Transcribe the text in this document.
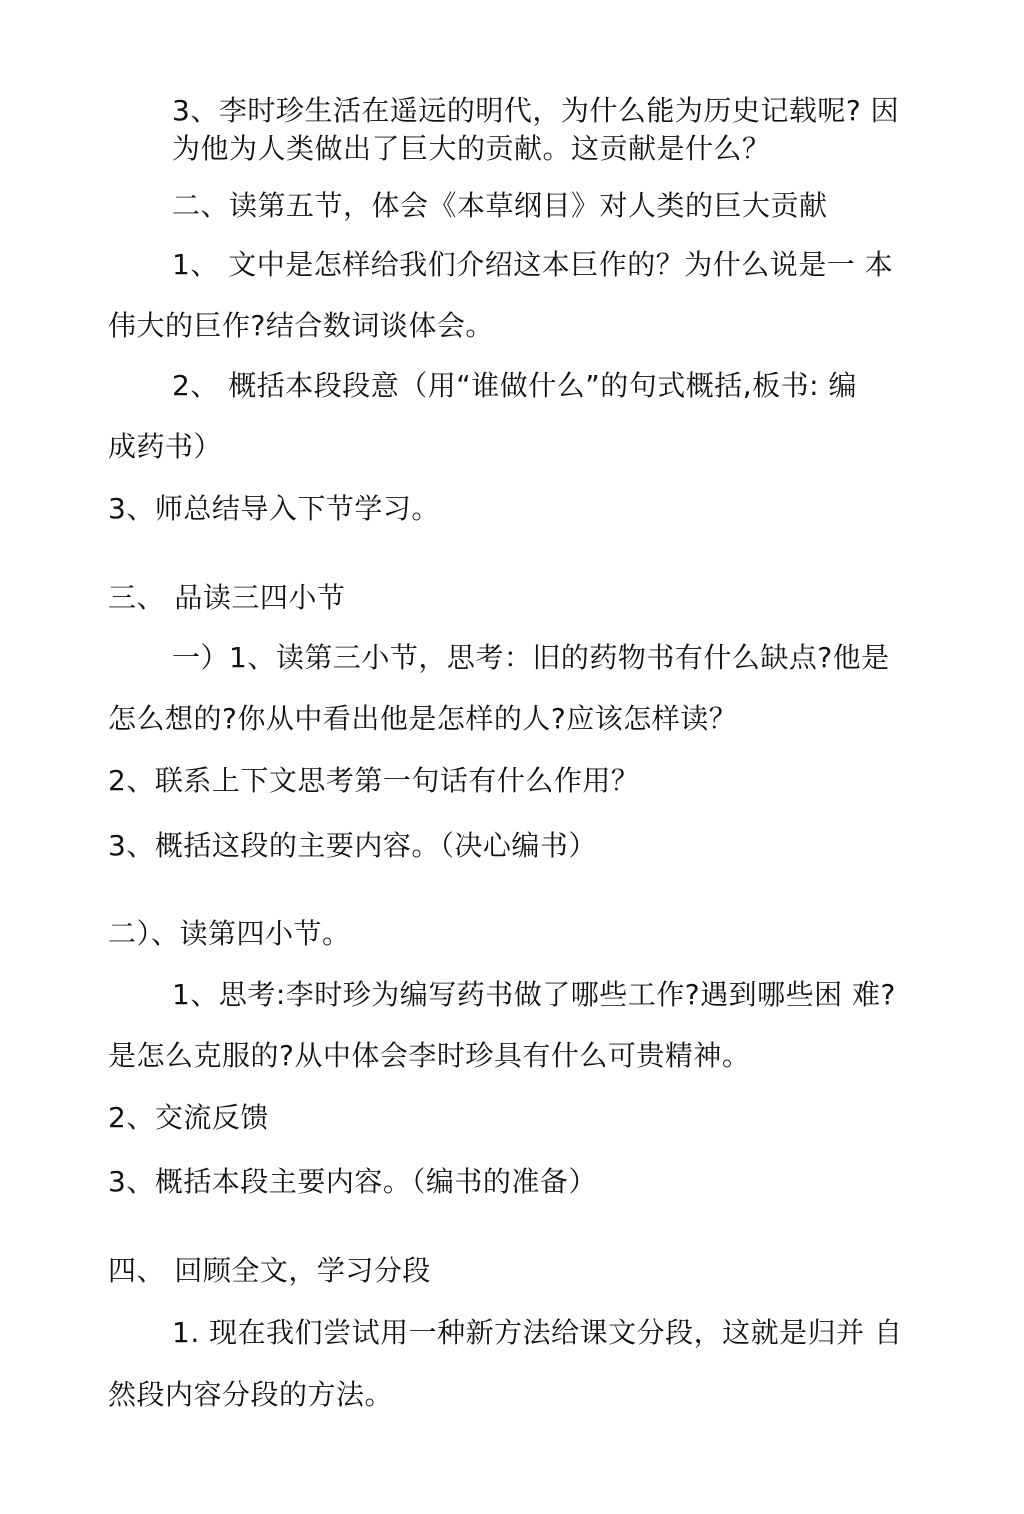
3、李时珍生活在遥远的明代，为什么能为历史记载呢? 因为他为人类做出了巨大的贡献。这贡献是什么？
二、读第五节，体会《本草纲目》对人类的巨大贡献
1、 文中是怎样给我们介绍这本巨作的？为什么说是一 本
伟大的巨作?结合数词谈体会。
2、 概括本段段意（用“谁做什么”的句式概括,板书: 编
成药书）
3、师总结导入下节学习。
三、 品读三四小节
一）1、读第三小节，思考：旧的药物书有什么缺点?他是
怎么想的?你从中看出他是怎样的人?应该怎样读？
2、联系上下文思考第一句话有什么作用？
3、概括这段的主要内容。（决心编书）
二）、读第四小节。
1、思考:李时珍为编写药书做了哪些工作?遇到哪些困 难?
是怎么克服的?从中体会李时珍具有什么可贵精神。
2、交流反馈
3、概括本段主要内容。（编书的准备）
四、 回顾全文，学习分段
1. 现在我们尝试用一种新方法给课文分段，这就是归并 自
然段内容分段的方法。
